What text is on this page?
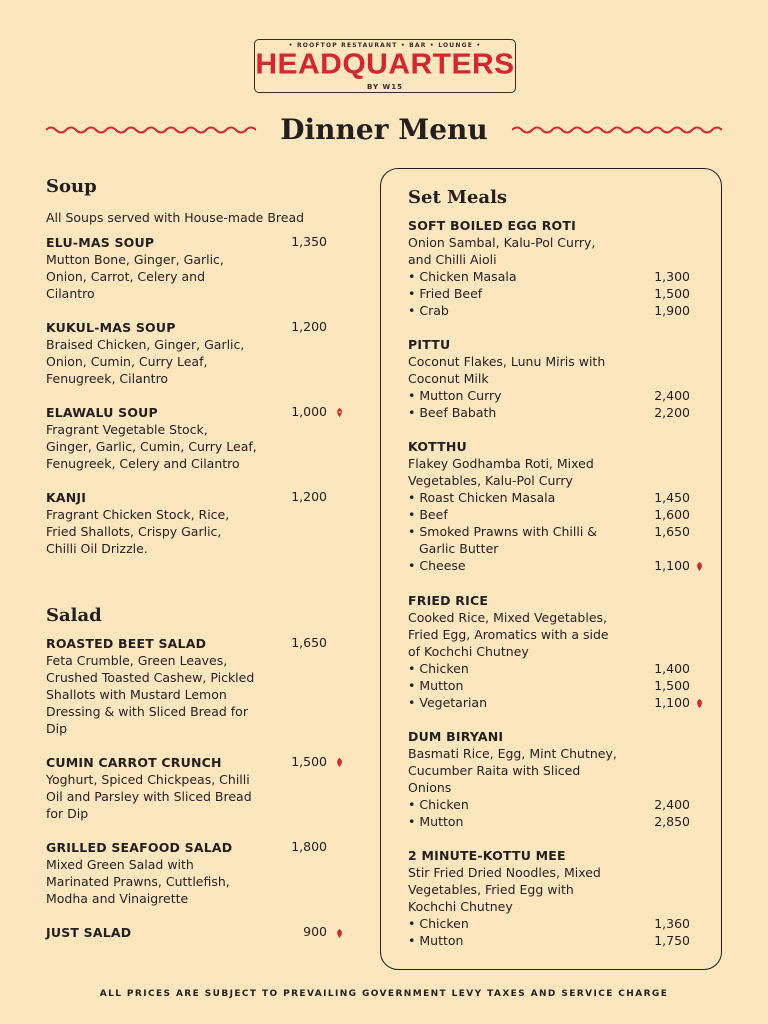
• ROOFTOP RESTAURANT • BAR • LOUNGE •
HEADQUARTERS
BY W15
Dinner Menu
Soup
All Soups served with House-made Bread
ELU-MAS SOUP
Mutton Bone, Ginger, Garlic,
Onion, Carrot, Celery and
Cilantro
1,350
KUKUL-MAS SOUP
Braised Chicken, Ginger, Garlic,
Onion, Cumin, Curry Leaf,
Fenugreek, Cilantro
1,200
ELAWALU SOUP
Fragrant Vegetable Stock,
Ginger, Garlic, Cumin, Curry Leaf,
Fenugreek, Celery and Cilantro
1,000
KANJI
Fragrant Chicken Stock, Rice,
Fried Shallots, Crispy Garlic,
Chilli Oil Drizzle.
1,200
Salad
ROASTED BEET SALAD
Feta Crumble, Green Leaves,
Crushed Toasted Cashew, Pickled
Shallots with Mustard Lemon
Dressing & with Sliced Bread for
Dip
1,650
CUMIN CARROT CRUNCH
Yoghurt, Spiced Chickpeas, Chilli
Oil and Parsley with Sliced Bread
for Dip
1,500
GRILLED SEAFOOD SALAD
Mixed Green Salad with
Marinated Prawns, Cuttlefish,
Modha and Vinaigrette
1,800
JUST SALAD	900
Set Meals
SOFT BOILED EGG ROTI
Onion Sambal, Kalu-Pol Curry,
and Chilli Aioli
• Chicken Masala	1,300
• Fried Beef	1,500
• Crab	1,900
PITTU
Coconut Flakes, Lunu Miris with
Coconut Milk
• Mutton Curry	2,400
• Beef Babath	2,200
KOTTHU
Flakey Godhamba Roti, Mixed
Vegetables, Kalu-Pol Curry
• Roast Chicken Masala	1,450
• Beef	1,600
• Smoked Prawns with Chilli &	1,650
Garlic Butter
• Cheese	1,100
FRIED RICE
Cooked Rice, Mixed Vegetables,
Fried Egg, Aromatics with a side
of Kochchi Chutney
• Chicken	1,400
• Mutton	1,500
• Vegetarian	1,100
DUM BIRYANI
Basmati Rice, Egg, Mint Chutney,
Cucumber Raita with Sliced
Onions
• Chicken	2,400
• Mutton	2,850
2 MINUTE-KOTTU MEE
Stir Fried Dried Noodles, Mixed
Vegetables, Fried Egg with
Kochchi Chutney
• Chicken	1,360
• Mutton	1,750
ALL PRICES ARE SUBJECT TO PREVAILING GOVERNMENT LEVY TAXES AND SERVICE CHARGE
